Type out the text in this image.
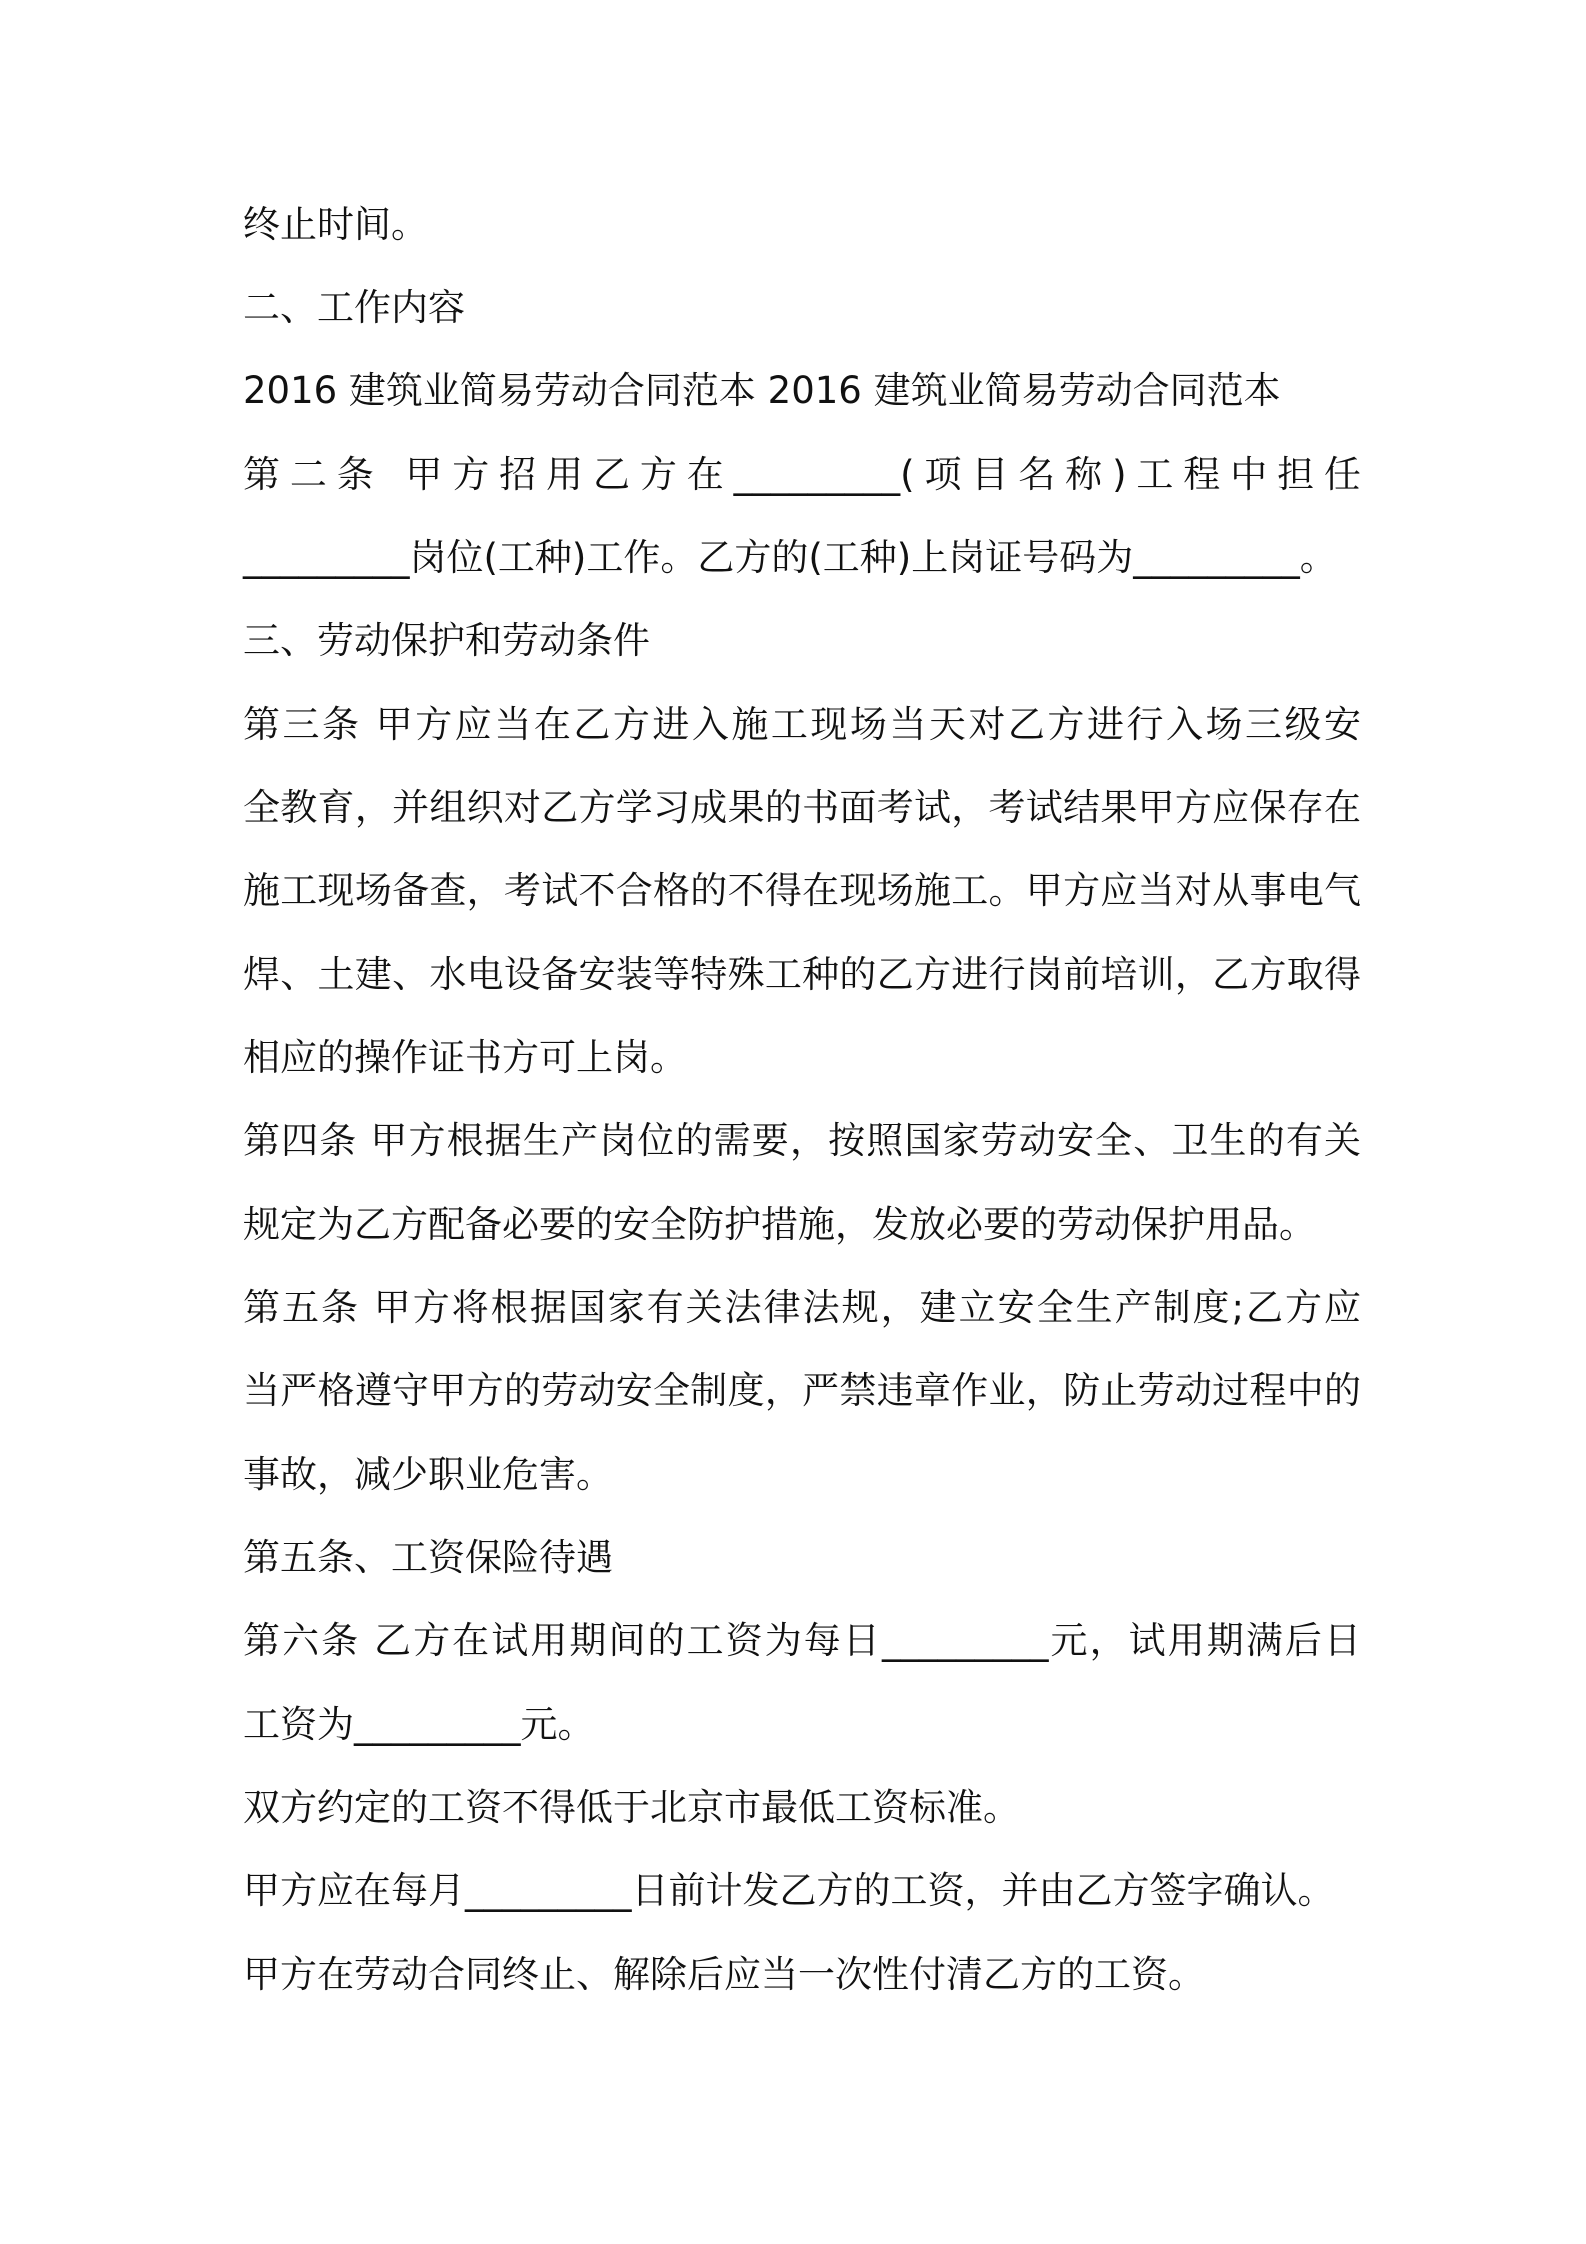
终止时间。
二、工作内容
2016 建筑业简易劳动合同范本 2016 建筑业简易劳动合同范本
第二条 甲方招用乙方在_________(项目名称)工程中担任
_________岗位(工种)工作。乙方的(工种)上岗证号码为_________。
三、劳动保护和劳动条件
第三条 甲方应当在乙方进入施工现场当天对乙方进行入场三级安
全教育，并组织对乙方学习成果的书面考试，考试结果甲方应保存在
施工现场备查，考试不合格的不得在现场施工。甲方应当对从事电气
焊、土建、水电设备安装等特殊工种的乙方进行岗前培训，乙方取得
相应的操作证书方可上岗。
第四条 甲方根据生产岗位的需要，按照国家劳动安全、卫生的有关
规定为乙方配备必要的安全防护措施，发放必要的劳动保护用品。
第五条 甲方将根据国家有关法律法规，建立安全生产制度;乙方应
当严格遵守甲方的劳动安全制度，严禁违章作业，防止劳动过程中的
事故，减少职业危害。
第五条、工资保险待遇
第六条 乙方在试用期间的工资为每日_________元，试用期满后日
工资为_________元。
双方约定的工资不得低于北京市最低工资标准。
甲方应在每月_________日前计发乙方的工资，并由乙方签字确认。
甲方在劳动合同终止、解除后应当一次性付清乙方的工资。
